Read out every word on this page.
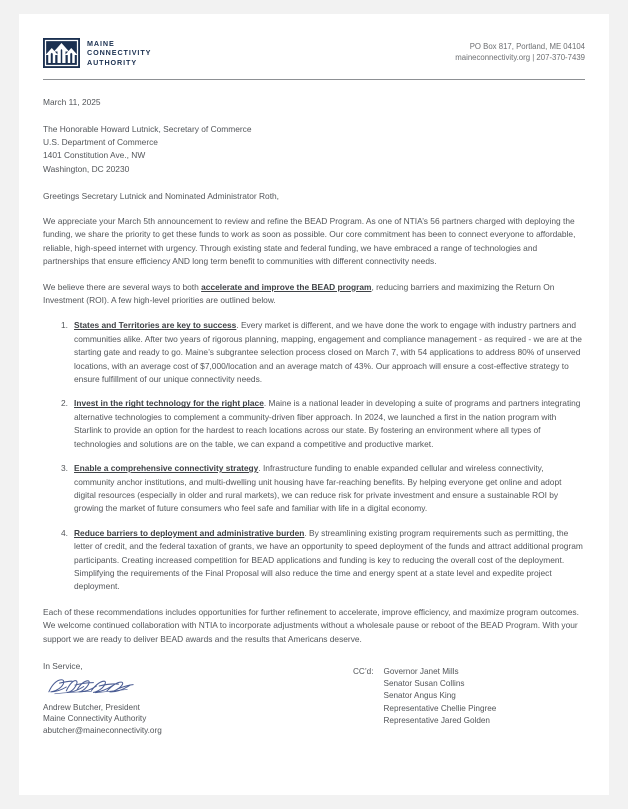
MAINE
CONNECTIVITY
AUTHORITY
PO Box 817, Portland, ME 04104
maineconnectivity.org | 207-370-7439
March 11, 2025
The Honorable Howard Lutnick, Secretary of Commerce
U.S. Department of Commerce
1401 Constitution Ave., NW
Washington, DC 20230
Greetings Secretary Lutnick and Nominated Administrator Roth,

We appreciate your March 5th announcement to review and refine the BEAD Program. As one of NTIA’s 56 partners charged with deploying the funding, we share the priority to get these funds to work as soon as possible. Our core commitment has been to connect everyone to affordable, reliable, high-speed internet with urgency. Through existing state and federal funding, we have embraced a range of technologies and partnerships that ensure efficiency AND long term benefit to communities with different connectivity needs.

We believe there are several ways to both accelerate and improve the BEAD program, reducing barriers and maximizing the Return On Investment (ROI). A few high-level priorities are outlined below.

States and Territories are key to success. Every market is different, and we have done the work to engage with industry partners and communities alike. After two years of rigorous planning, mapping, engagement and compliance management - as required - we are at the starting gate and ready to go. Maine’s subgrantee selection process closed on March 7, with 54 applications to address 80% of unserved locations, with an average cost of $7,000/location and an average match of 43%. Our approach will ensure a cost-effective strategy to ensure fulfillment of our unique connectivity needs.
Invest in the right technology for the right place. Maine is a national leader in developing a suite of programs and partners integrating alternative technologies to complement a community-driven fiber approach. In 2024, we launched a first in the nation program with Starlink to provide an option for the hardest to reach locations across our state. By fostering an environment where all types of technologies and solutions are on the table, we can expand a competitive and productive market.
Enable a comprehensive connectivity strategy. Infrastructure funding to enable expanded cellular and wireless connectivity, community anchor institutions, and multi-dwelling unit housing have far-reaching benefits. By helping everyone get online and adopt digital resources (especially in older and rural markets), we can reduce risk for private investment and ensure a sustainable ROI by growing the market of future consumers who feel safe and familiar with life in a digital economy.
Reduce barriers to deployment and administrative burden. By streamlining existing program requirements such as permitting, the letter of credit, and the federal taxation of grants, we have an opportunity to speed deployment of the funds and attract additional program participants. Creating increased competition for BEAD applications and funding is key to reducing the overall cost of the deployment. Simplifying the requirements of the Final Proposal will also reduce the time and energy spent at a state level and expedite project deployment.

Each of these recommendations includes opportunities for further refinement to accelerate, improve efficiency, and maximize program outcomes. We welcome continued collaboration with NTIA to incorporate adjustments without a wholesale pause or reboot of the BEAD Program. With your support we are ready to deliver BEAD awards and the results that Americans deserve.

In Service,
Andrew Butcher, President
Maine Connectivity Authority
abutcher@maineconnectivity.org
CC’d: Governor Janet Mills
Senator Susan Collins
Senator Angus King
Representative Chellie Pingree
Representative Jared Golden
